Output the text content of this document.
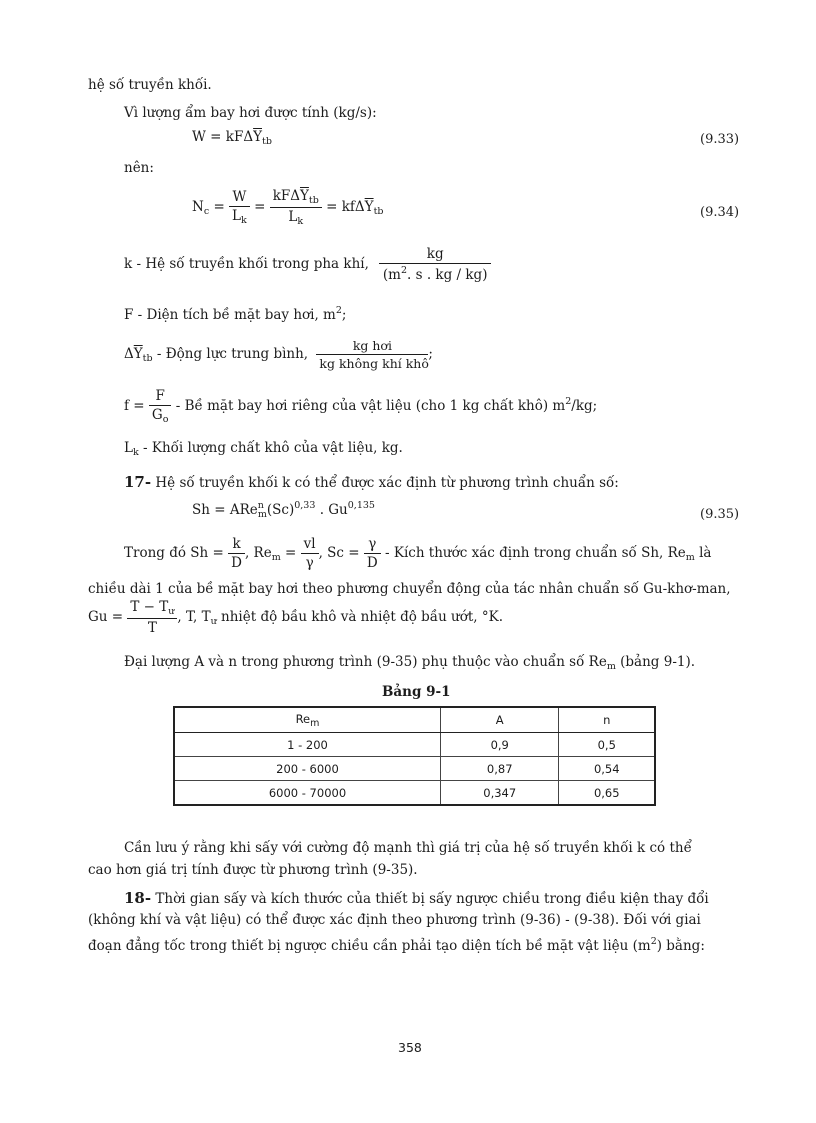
hệ số truyền khối.
Vì lượng ẩm bay hơi được tính (kg/s):
$W = kF\Delta\overline{Y}_{tb}$	(9.33)
nên:
$N_c = \frac{W}{L_k} = \frac{kF\Delta\overline{Y}_{tb}}{L_k} = kf\Delta\overline{Y}_{tb}$	(9.34)
k - Hệ số truyền khối trong pha khí, $\frac{kg}{(m^2. s . kg / kg)}$
F - Diện tích bề mặt bay hơi, $m^2$;
$\Delta\overline{Y}_{tb}$ - Động lực trung bình, $\frac{\text{kg hơi}}{\text{kg không khí khô}}$ ;
$f = \frac{F}{G_o}$ - Bề mặt bay hơi riêng của vật liệu (cho 1 kg chất khô) $m^2/kg$;
$L_k$ - Khối lượng chất khô của vật liệu, kg.
17- Hệ số truyền khối k có thể được xác định từ phương trình chuẩn số:
$Sh = ARe^n_m(Sc)^{0,33}$ . Gu$^{0,135}$
(9.35)
Trong đó $Sh = \frac{k}{D}$ , $Re_m = \frac{vl}{\gamma}$ , $Sc = \frac{\gamma}{D}$ - Kích thước xác định trong chuẩn số Sh, $Re_m$ là
chiều dài 1 của bề mặt bay hơi theo phương chuyển động của tác nhân chuẩn số Gu-khơ-man,
$Gu = \frac{T - T_ư}{T}$ , T, $T_ư$ nhiệt độ bầu khô và nhiệt độ bầu ướt, °K.
Đại lượng A và n trong phương trình (9-35) phụ thuộc vào chuẩn số $Re_m$ (bảng 9-1).
Bảng 9-1
$Re_m$	A	n
1 - 200	0,9	0,5
200 - 6000	0,87	0,54
6000 - 70000	0,347	0,65
Cần lưu ý rằng khi sấy với cường độ mạnh thì giá trị của hệ số truyền khối k có thể
cao hơn giá trị tính được từ phương trình (9-35).
18- Thời gian sấy và kích thước của thiết bị sấy ngược chiều trong điều kiện thay đổi
(không khí và vật liệu) có thể được xác định theo phương trình (9-36) - (9-38). Đối với giai
đoạn đẳng tốc trong thiết bị ngược chiều cần phải tạo diện tích bề mặt vật liệu $(m^2)$ bằng:
358
